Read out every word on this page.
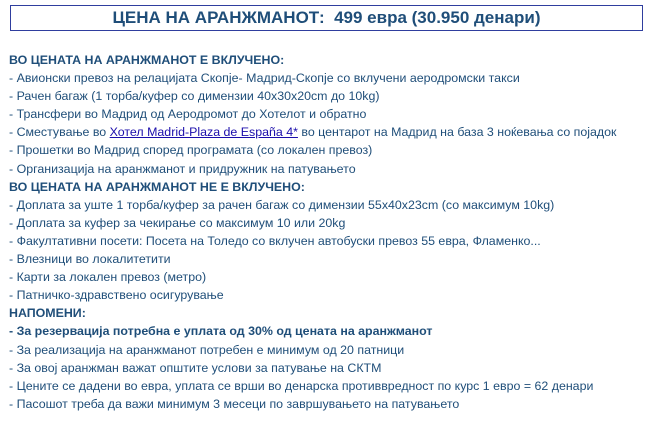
ЦЕНА НА АРАНЖМАНОТ:
499 евра (30.950 денари)
ВО ЦЕНАТА НА АРАНЖМАНОТ Е ВКЛУЧЕНО:
- Авионски превоз на релацијата Скопје- Мадрид-Скопје со вклучени аеродромски такси
- Рачен багаж (1 торба/куфер со димензии 40x30x20cm до 10kg)
- Трансфери во Мадрид од Аеродромот до Хотелот и обратно
- Сместување во Хотел Madrid-Plaza de España 4* во центарот на Мадрид на база 3 ноќевања со појадок
- Прошетки во Мадрид според програмата (со локален превоз)
- Организација на аранжманот и придружник на патувањето
ВО ЦЕНАТА НА АРАНЖМАНОТ НЕ Е ВКЛУЧЕНО:
- Доплата за уште 1 торба/куфер за рачен багаж со димензии 55x40x23cm (со максимум 10kg)
- Доплата за куфер за чекирање со максимум 10 или 20kg
- Факултативни посети: Посета на Толедо со вклучен автобуски превоз 55 евра, Фламенко...
- Влезници во локалитетити
- Карти за локален превоз (метро)
- Патничко-здравствено осигурување
НАПОМЕНИ:
- За резервација потребна е уплата од 30% од цената на аранжманот
- За реализација на аранжманот потребен е минимум од 20 патници
- За овој аранжман важат општите услови за патување на СКТМ
- Цените се дадени во евра, уплата се врши во денарска противвредност по курс 1 евро = 62 денари
- Пасошот треба да важи минимум 3 месеци по завршувањето на патувањето
